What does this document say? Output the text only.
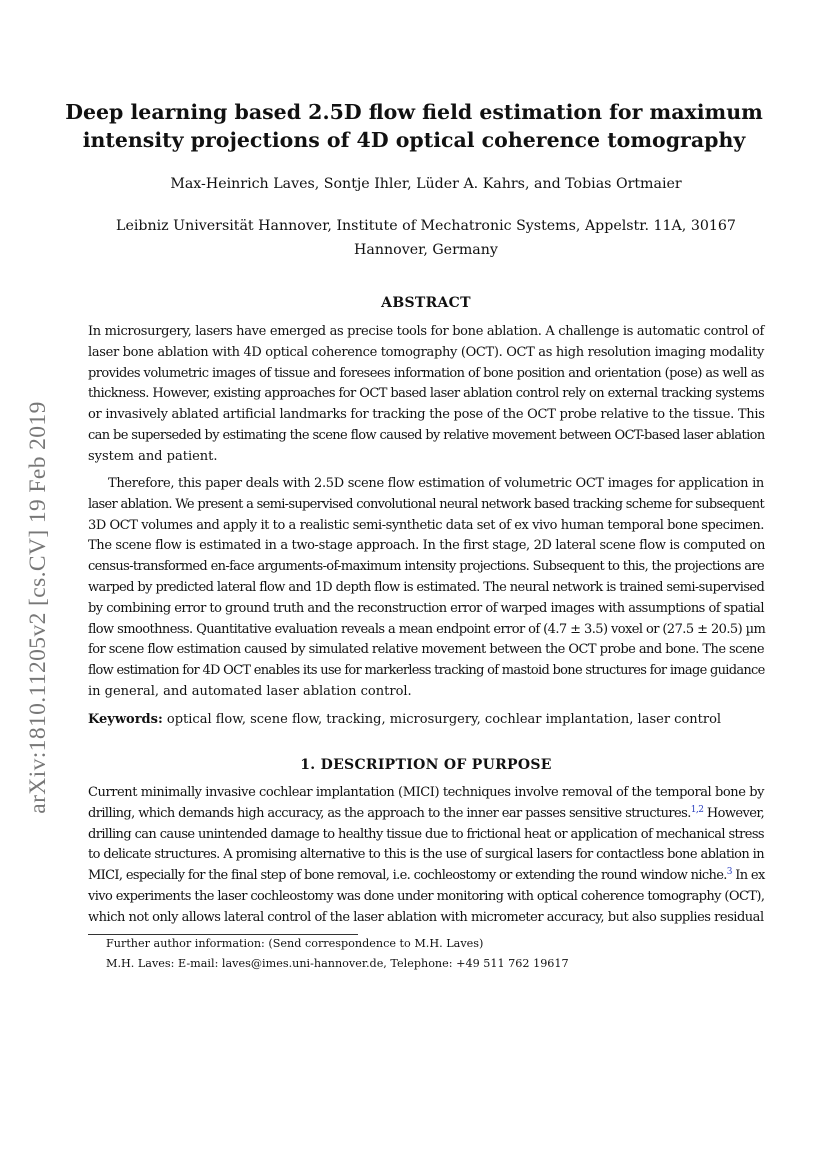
arXiv:1810.11205v2 [cs.CV] 19 Feb 2019
Deep learning based 2.5D flow field estimation for maximum
intensity projections of 4D optical coherence tomography
Max-Heinrich Laves, Sontje Ihler, Lüder A. Kahrs, and Tobias Ortmaier
Leibniz Universität Hannover, Institute of Mechatronic Systems, Appelstr. 11A, 30167
Hannover, Germany
ABSTRACT
In microsurgery, lasers have emerged as precise tools for bone ablation. A challenge is automatic control of
laser bone ablation with 4D optical coherence tomography (OCT). OCT as high resolution imaging modality
provides volumetric images of tissue and foresees information of bone position and orientation (pose) as well as
thickness. However, existing approaches for OCT based laser ablation control rely on external tracking systems
or invasively ablated artificial landmarks for tracking the pose of the OCT probe relative to the tissue. This
can be superseded by estimating the scene flow caused by relative movement between OCT-based laser ablation
system and patient.
Therefore, this paper deals with 2.5D scene flow estimation of volumetric OCT images for application in
laser ablation. We present a semi-supervised convolutional neural network based tracking scheme for subsequent
3D OCT volumes and apply it to a realistic semi-synthetic data set of ex vivo human temporal bone specimen.
The scene flow is estimated in a two-stage approach. In the first stage, 2D lateral scene flow is computed on
census-transformed en-face arguments-of-maximum intensity projections. Subsequent to this, the projections are
warped by predicted lateral flow and 1D depth flow is estimated. The neural network is trained semi-supervised
by combining error to ground truth and the reconstruction error of warped images with assumptions of spatial
flow smoothness. Quantitative evaluation reveals a mean endpoint error of (4.7 ± 3.5) voxel or (27.5 ± 20.5) µm
for scene flow estimation caused by simulated relative movement between the OCT probe and bone. The scene
flow estimation for 4D OCT enables its use for markerless tracking of mastoid bone structures for image guidance
in general, and automated laser ablation control.
Keywords: optical flow, scene flow, tracking, microsurgery, cochlear implantation, laser control
1. DESCRIPTION OF PURPOSE
Current minimally invasive cochlear implantation (MICI) techniques involve removal of the temporal bone by
drilling, which demands high accuracy, as the approach to the inner ear passes sensitive structures.$^{1,2}$ However,
drilling can cause unintended damage to healthy tissue due to frictional heat or application of mechanical stress
to delicate structures. A promising alternative to this is the use of surgical lasers for contactless bone ablation in
MICI, especially for the final step of bone removal, i.e. cochleostomy or extending the round window niche.$^3$ In ex
vivo experiments the laser cochleostomy was done under monitoring with optical coherence tomography (OCT),
which not only allows lateral control of the laser ablation with micrometer accuracy, but also supplies residual
Further author information: (Send correspondence to M.H. Laves)
M.H. Laves: E-mail: laves@imes.uni-hannover.de, Telephone: +49 511 762 19617
